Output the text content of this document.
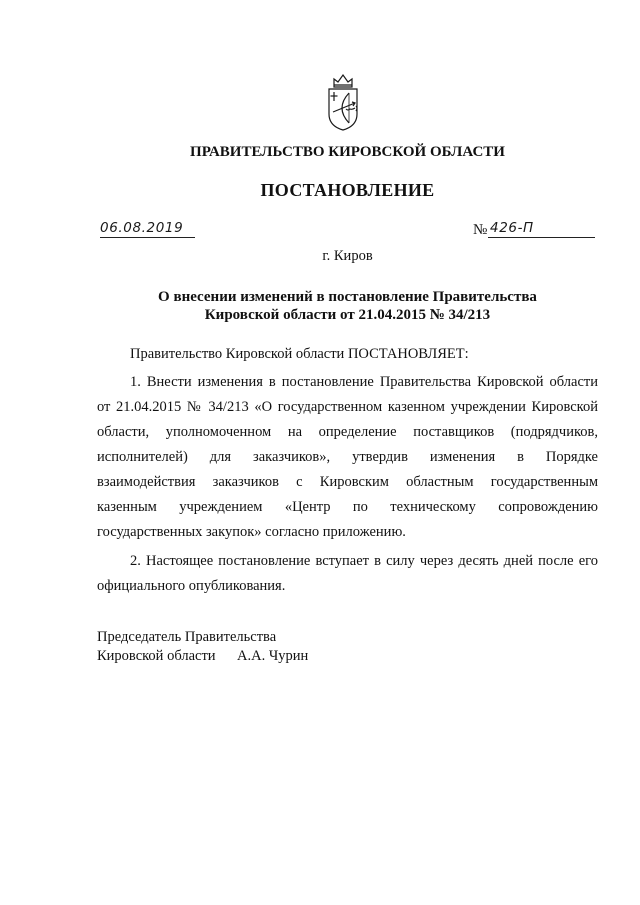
ПРАВИТЕЛЬСТВО КИРОВСКОЙ ОБЛАСТИ
ПОСТАНОВЛЕНИЕ
06.08.2019	№ 426-П
г. Киров
О внесении изменений в постановление Правительства
Кировской области от 21.04.2015 № 34/213
Правительство Кировской области ПОСТАНОВЛЯЕТ:
1. Внести изменения в постановление Правительства Кировской области
от 21.04.2015 № 34/213 «О государственном казенном учреждении Кировской
области, уполномоченном на определение поставщиков (подрядчиков,
исполнителей) для заказчиков», утвердив изменения в Порядке
взаимодействия заказчиков с Кировским областным государственным
казенным учреждением «Центр по техническому сопровождению
государственных закупок» согласно приложению.
2. Настоящее постановление вступает в силу через десять дней после его
официального опубликования.
Председатель Правительства
Кировской области	А.А. Чурин
